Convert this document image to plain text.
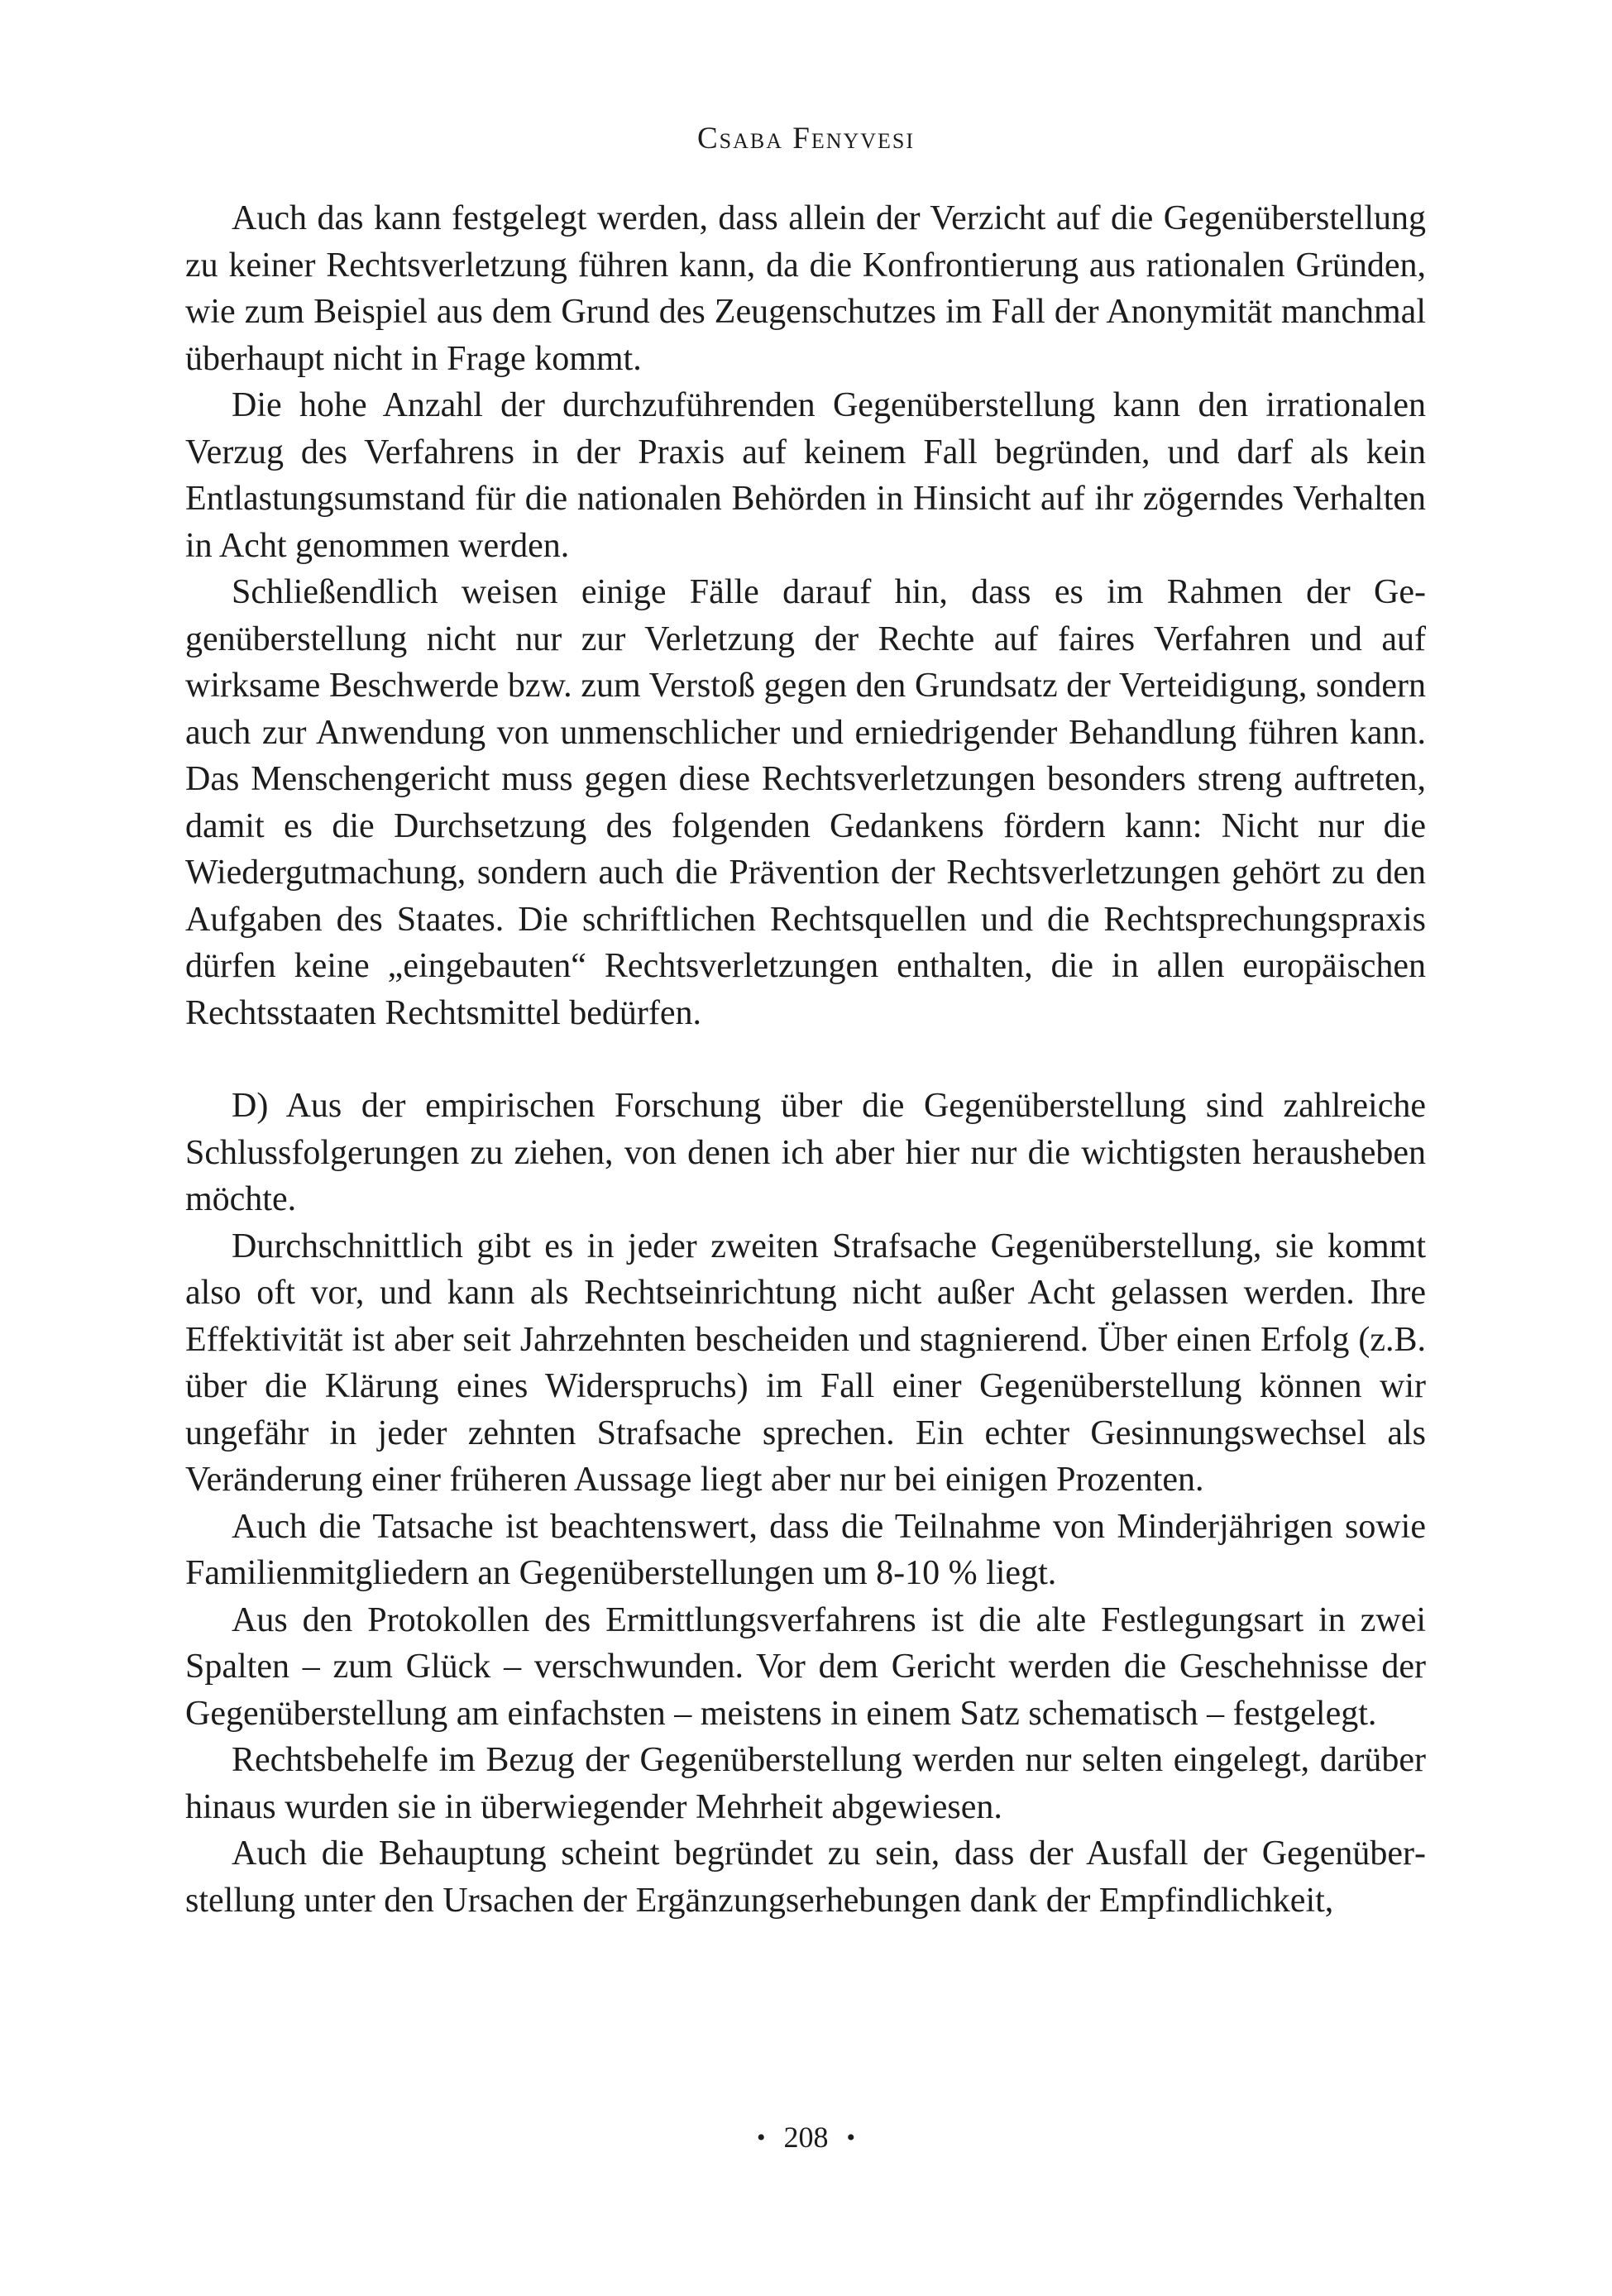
Csaba Fenyvesi

Auch das kann festgelegt werden, dass allein der Verzicht auf die Gegenüberstellung zu keiner Rechtsverletzung führen kann, da die Konfrontierung aus rationalen Gründen, wie zum Beispiel aus dem Grund des Zeugenschutzes im Fall der Anonymität manchmal überhaupt nicht in Frage kommt.

Die hohe Anzahl der durchzuführenden Gegenüberstellung kann den irrationalen Verzug des Verfahrens in der Praxis auf keinem Fall begründen, und darf als kein Entlastungsumstand für die nationalen Behörden in Hinsicht auf ihr zögerndes Verhalten in Acht genommen werden.

Schließendlich weisen einige Fälle darauf hin, dass es im Rahmen der Gegenüberstellung nicht nur zur Verletzung der Rechte auf faires Verfahren und auf wirksame Beschwerde bzw. zum Verstoß gegen den Grundsatz der Verteidigung, sondern auch zur Anwendung von unmenschlicher und erniedrigender Behandlung führen kann. Das Menschengericht muss gegen diese Rechtsverletzungen besonders streng auftreten, damit es die Durchsetzung des folgenden Gedankens fördern kann: Nicht nur die Wiedergutmachung, sondern auch die Prävention der Rechtsverletzungen gehört zu den Aufgaben des Staates. Die schriftlichen Rechtsquellen und die Rechtsprechungspraxis dürfen keine „eingebauten“ Rechtsverletzungen enthalten, die in allen europäischen Rechtsstaaten Rechtsmittel bedürfen.

D) Aus der empirischen Forschung über die Gegenüberstellung sind zahlreiche Schlussfolgerungen zu ziehen, von denen ich aber hier nur die wichtigsten herausheben möchte.

Durchschnittlich gibt es in jeder zweiten Strafsache Gegenüberstellung, sie kommt also oft vor, und kann als Rechtseinrichtung nicht außer Acht gelassen werden. Ihre Effektivität ist aber seit Jahrzehnten bescheiden und stagnierend. Über einen Erfolg (z.B. über die Klärung eines Widerspruchs) im Fall einer Gegenüberstellung können wir ungefähr in jeder zehnten Strafsache sprechen. Ein echter Gesinnungswechsel als Veränderung einer früheren Aussage liegt aber nur bei einigen Prozenten.

Auch die Tatsache ist beachtenswert, dass die Teilnahme von Minderjährigen sowie Familienmitgliedern an Gegenüberstellungen um 8-10 % liegt.

Aus den Protokollen des Ermittlungsverfahrens ist die alte Festlegungsart in zwei Spalten – zum Glück – verschwunden. Vor dem Gericht werden die Geschehnisse der Gegenüberstellung am einfachsten – meistens in einem Satz schematisch – festgelegt.

Rechtsbehelfe im Bezug der Gegenüberstellung werden nur selten eingelegt, darüber hinaus wurden sie in überwiegender Mehrheit abgewiesen.

Auch die Behauptung scheint begründet zu sein, dass der Ausfall der Gegenüberstellung unter den Ursachen der Ergänzungserhebungen dank der Empfindlichkeit,

• 208 •
